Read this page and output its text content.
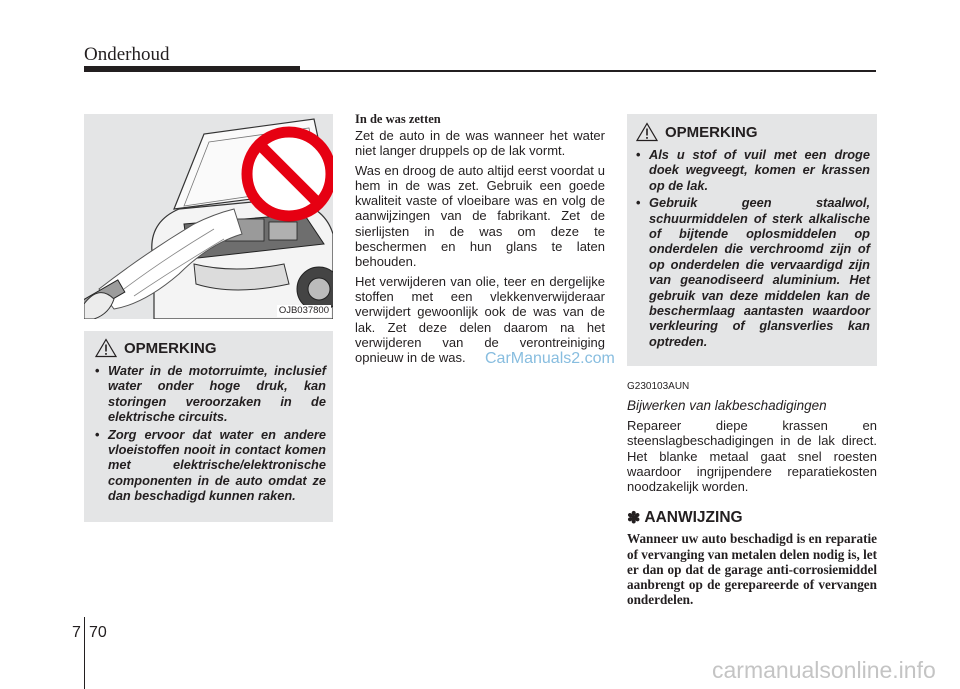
Onderhoud
OJB037800
OPMERKING
• Water in de motorruimte, inclusief water onder hoge druk, kan storingen veroorzaken in de elektrische circuits.
• Zorg ervoor dat water en andere vloeistoffen nooit in contact komen met elektrische/elektronische componenten in de auto omdat ze dan beschadigd kunnen raken.
In de was zetten

Zet de auto in de was wanneer het water niet langer druppels op de lak vormt.

Was en droog de auto altijd eerst voordat u hem in de was zet. Gebruik een goede kwaliteit vaste of vloeibare was en volg de aanwijzingen van de fabrikant. Zet de sierlijsten in de was om deze te beschermen en hun glans te laten behouden.

Het verwijderen van olie, teer en dergelijke stoffen met een vlekkenverwijderaar verwijdert gewoonlijk ook de was van de lak. Zet deze delen daarom na het verwijderen van de verontreiniging opnieuw in de was.

OPMERKING
• Als u stof of vuil met een droge doek wegveegt, komen er krassen op de lak.
• Gebruik geen staalwol, schuurmiddelen of sterk alkalische of bijtende oplosmiddelen op onderdelen die verchroomd zijn of op onderdelen die vervaardigd zijn van geanodiseerd aluminium. Het gebruik van deze middelen kan de beschermlaag aantasten waardoor verkleuring of glansverlies kan optreden.
G230103AUN
Bijwerken van lakbeschadigingen

Repareer diepe krassen en steenslagbeschadigingen in de lak direct. Het blanke metaal gaat snel roesten waardoor ingrijpendere reparatiekosten noodzakelijk worden.

✽ AANWIJZING

Wanneer uw auto beschadigd is en reparatie of vervanging van metalen delen nodig is, let er dan op dat de garage anti-corrosiemiddel aanbrengt op de gerepareerde of vervangen onderdelen.

7 70
CarManuals2.com
carmanualsonline.info
